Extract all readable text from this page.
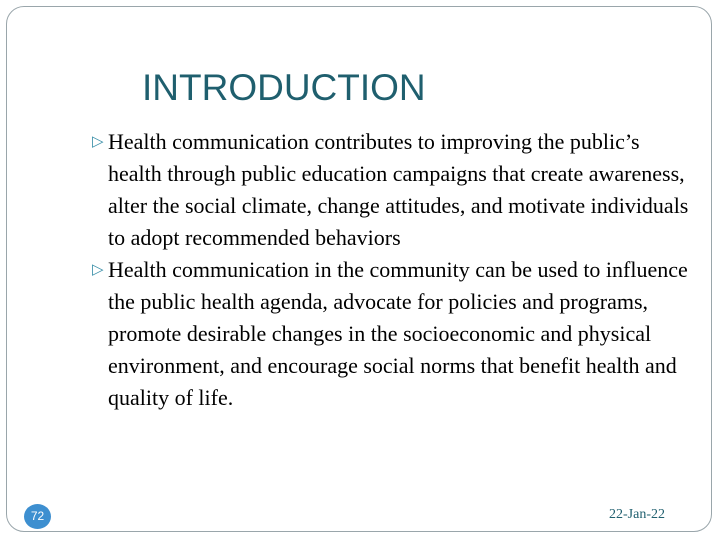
INTRODUCTION
▷ Health communication contributes to improving the public’s health through public education campaigns that create awareness, alter the social climate, change attitudes, and motivate individuals to adopt recommended behaviors
▷ Health communication in the community can be used to influence the public health agenda, advocate for policies and programs, promote desirable changes in the socioeconomic and physical environment, and encourage social norms that benefit health and quality of life.
72	22-Jan-22
